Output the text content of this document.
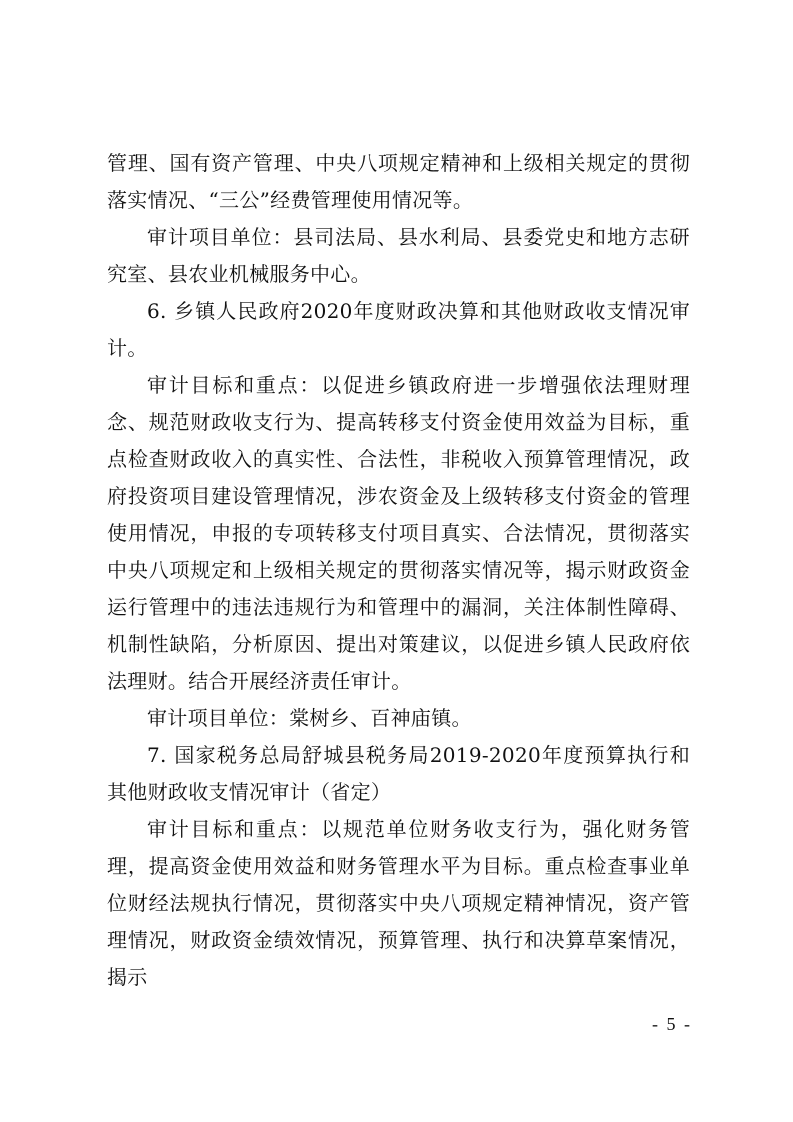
管理、国有资产管理、中央八项规定精神和上级相关规定的贯彻落实情况、“三公”经费管理使用情况等。

审计项目单位：县司法局、县水利局、县委党史和地方志研究室、县农业机械服务中心。

6. 乡镇人民政府2020年度财政决算和其他财政收支情况审计。

审计目标和重点：以促进乡镇政府进一步增强依法理财理念、规范财政收支行为、提高转移支付资金使用效益为目标，重点检查财政收入的真实性、合法性，非税收入预算管理情况，政府投资项目建设管理情况，涉农资金及上级转移支付资金的管理使用情况，申报的专项转移支付项目真实、合法情况，贯彻落实中央八项规定和上级相关规定的贯彻落实情况等，揭示财政资金运行管理中的违法违规行为和管理中的漏洞，关注体制性障碍、机制性缺陷，分析原因、提出对策建议，以促进乡镇人民政府依法理财。结合开展经济责任审计。

审计项目单位：棠树乡、百神庙镇。

7. 国家税务总局舒城县税务局2019-2020年度预算执行和其他财政收支情况审计（省定）

审计目标和重点：以规范单位财务收支行为，强化财务管理，提高资金使用效益和财务管理水平为目标。重点检查事业单位财经法规执行情况，贯彻落实中央八项规定精神情况，资产管理情况，财政资金绩效情况，预算管理、执行和决算草案情况，揭示

- 5 -
